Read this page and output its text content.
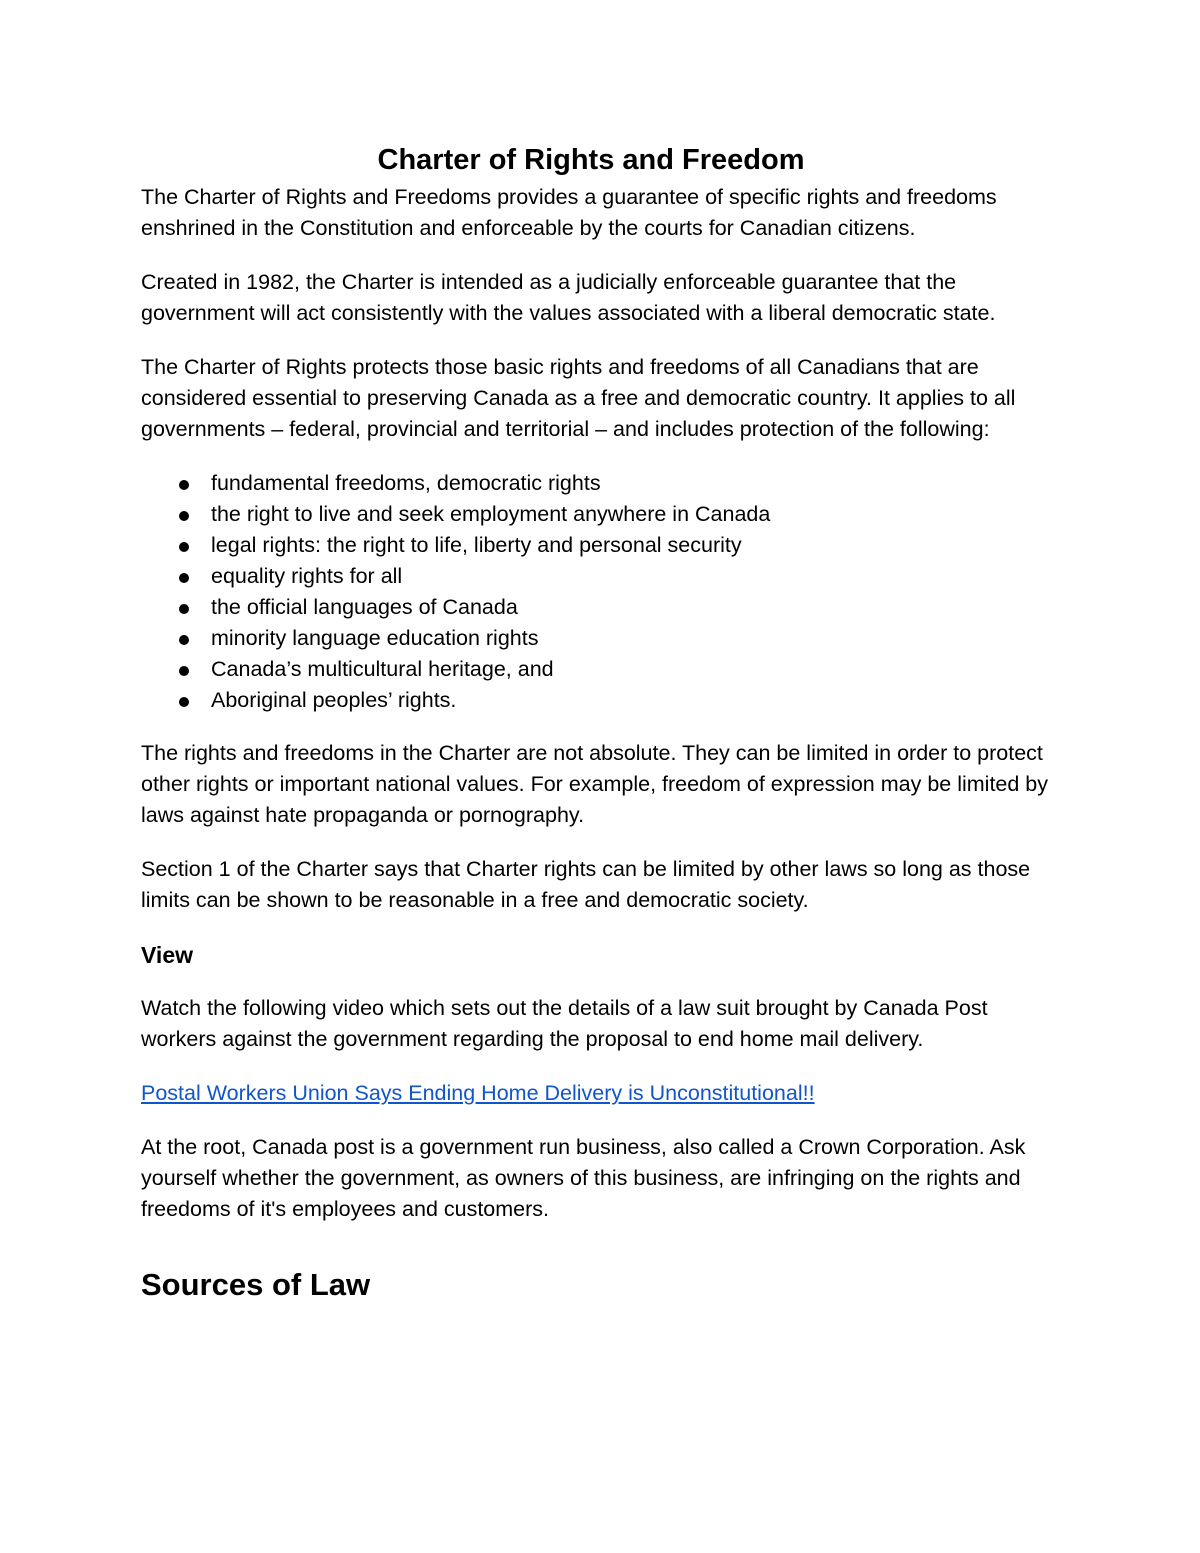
Charter of Rights and Freedom

The Charter of Rights and Freedoms provides a guarantee of specific rights and freedoms enshrined in the Constitution and enforceable by the courts for Canadian citizens.

Created in 1982, the Charter is intended as a judicially enforceable guarantee that the government will act consistently with the values associated with a liberal democratic state.

The Charter of Rights protects those basic rights and freedoms of all Canadians that are considered essential to preserving Canada as a free and democratic country. It applies to all governments – federal, provincial and territorial – and includes protection of the following:

fundamental freedoms, democratic rights
the right to live and seek employment anywhere in Canada
legal rights: the right to life, liberty and personal security
equality rights for all
the official languages of Canada
minority language education rights
Canada’s multicultural heritage, and
Aboriginal peoples’ rights.

The rights and freedoms in the Charter are not absolute. They can be limited in order to protect other rights or important national values. For example, freedom of expression may be limited by laws against hate propaganda or pornography.

Section 1 of the Charter says that Charter rights can be limited by other laws so long as those limits can be shown to be reasonable in a free and democratic society.

View

Watch the following video which sets out the details of a law suit brought by Canada Post workers against the government regarding the proposal to end home mail delivery.

Postal Workers Union Says Ending Home Delivery is Unconstitutional!!

At the root, Canada post is a government run business, also called a Crown Corporation. Ask yourself whether the government, as owners of this business, are infringing on the rights and freedoms of it's employees and customers.

Sources of Law
